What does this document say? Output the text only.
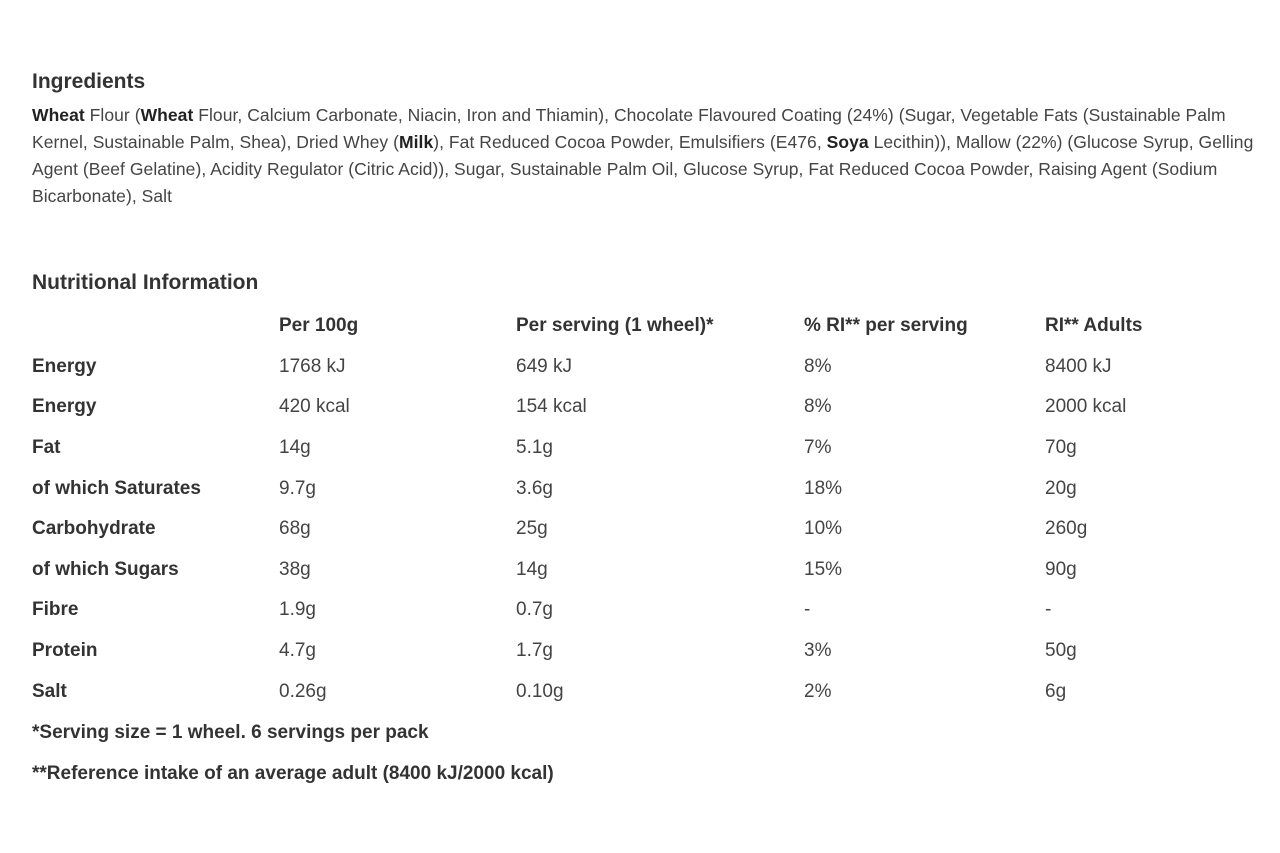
Ingredients

Wheat Flour (Wheat Flour, Calcium Carbonate, Niacin, Iron and Thiamin), Chocolate Flavoured Coating (24%) (Sugar, Vegetable Fats (Sustainable Palm Kernel, Sustainable Palm, Shea), Dried Whey (Milk), Fat Reduced Cocoa Powder, Emulsifiers (E476, Soya Lecithin)), Mallow (22%) (Glucose Syrup, Gelling Agent (Beef Gelatine), Acidity Regulator (Citric Acid)), Sugar, Sustainable Palm Oil, Glucose Syrup, Fat Reduced Cocoa Powder, Raising Agent (Sodium Bicarbonate), Salt

Nutritional Information
	Per 100g	Per serving (1 wheel)*	% RI** per serving	RI** Adults
Energy	1768 kJ	649 kJ	8%	8400 kJ
Energy	420 kcal	154 kcal	8%	2000 kcal
Fat	14g	5.1g	7%	70g
of which Saturates	9.7g	3.6g	18%	20g
Carbohydrate	68g	25g	10%	260g
of which Sugars	38g	14g	15%	90g
Fibre	1.9g	0.7g	-	-
Protein	4.7g	1.7g	3%	50g
Salt	0.26g	0.10g	2%	6g

*Serving size = 1 wheel. 6 servings per pack

**Reference intake of an average adult (8400 kJ/2000 kcal)
